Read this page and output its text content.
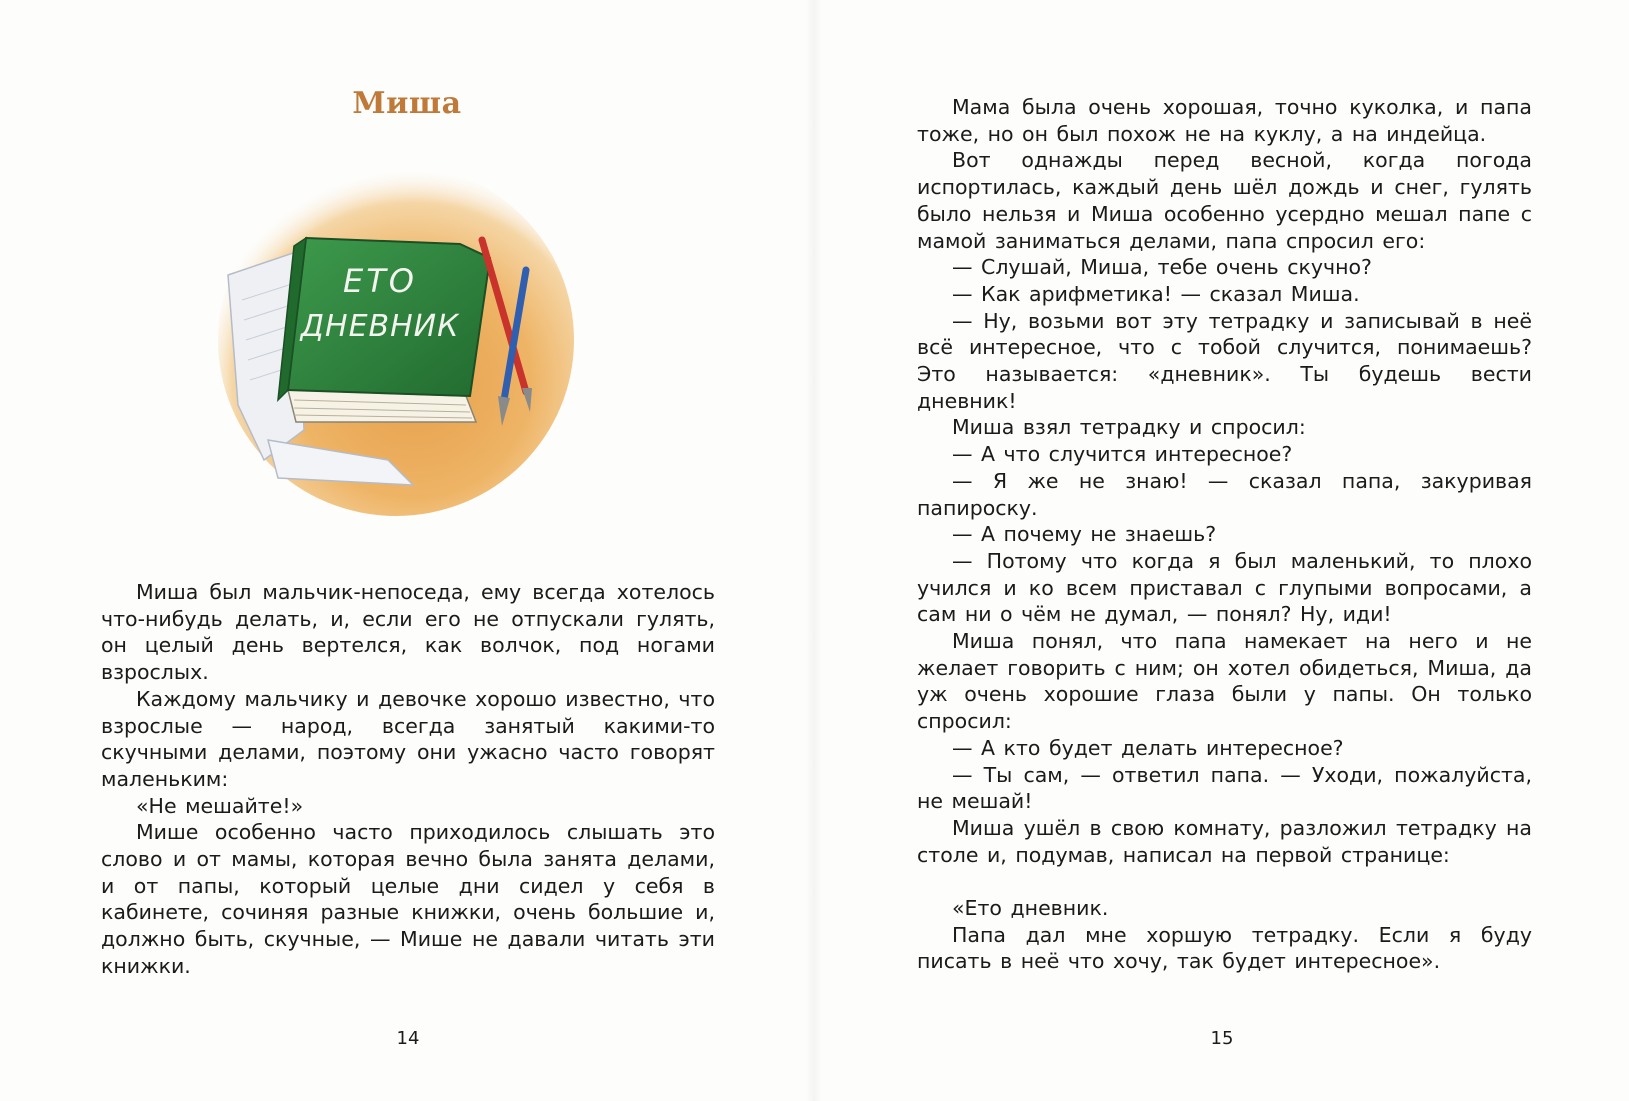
Миша
ЕТО
ДНЕВНИК

Миша был мальчик-непоседа, ему всегда хотелось что-нибудь делать, и, если его не отпускали гулять, он целый день вертелся, как волчок, под ногами взрослых.

Каждому мальчику и девочке хорошо известно, что взрослые — народ, всегда занятый какими-то скучными делами, поэтому они ужасно часто говорят маленьким:

«Не мешайте!»

Мише особенно часто приходилось слышать это слово и от мамы, которая вечно была занята делами, и от папы, который целые дни сидел у себя в кабинете, сочиняя разные книжки, очень большие и, должно быть, скучные, — Мише не давали читать эти книжки.

14

Мама была очень хорошая, точно куколка, и папа тоже, но он был похож не на куклу, а на индейца.

Вот однажды перед весной, когда погода испортилась, каждый день шёл дождь и снег, гулять было нельзя и Миша особенно усердно мешал папе с мамой заниматься делами, папа спросил его:

— Слушай, Миша, тебе очень скучно?

— Как арифметика! — сказал Миша.

— Ну, возьми вот эту тетрадку и записывай в неё всё интересное, что с тобой случится, понимаешь? Это называется: «дневник». Ты будешь вести дневник!

Миша взял тетрадку и спросил:

— А что случится интересное?

— Я же не знаю! — сказал папа, закуривая папироску.

— А почему не знаешь?

— Потому что когда я был маленький, то плохо учился и ко всем приставал с глупыми вопросами, а сам ни о чём не думал, — понял? Ну, иди!

Миша понял, что папа намекает на него и не желает говорить с ним; он хотел обидеться, Миша, да уж очень хорошие глаза были у папы. Он только спросил:

— А кто будет делать интересное?

— Ты сам, — ответил папа. — Уходи, пожалуйста, не мешай!

Миша ушёл в свою комнату, разложил тетрадку на столе и, подумав, написал на первой странице:

«Ето дневник.

Папа дал мне хоршую тетрадку. Если я буду писать в неё что хочу, так будет интересное».

15
